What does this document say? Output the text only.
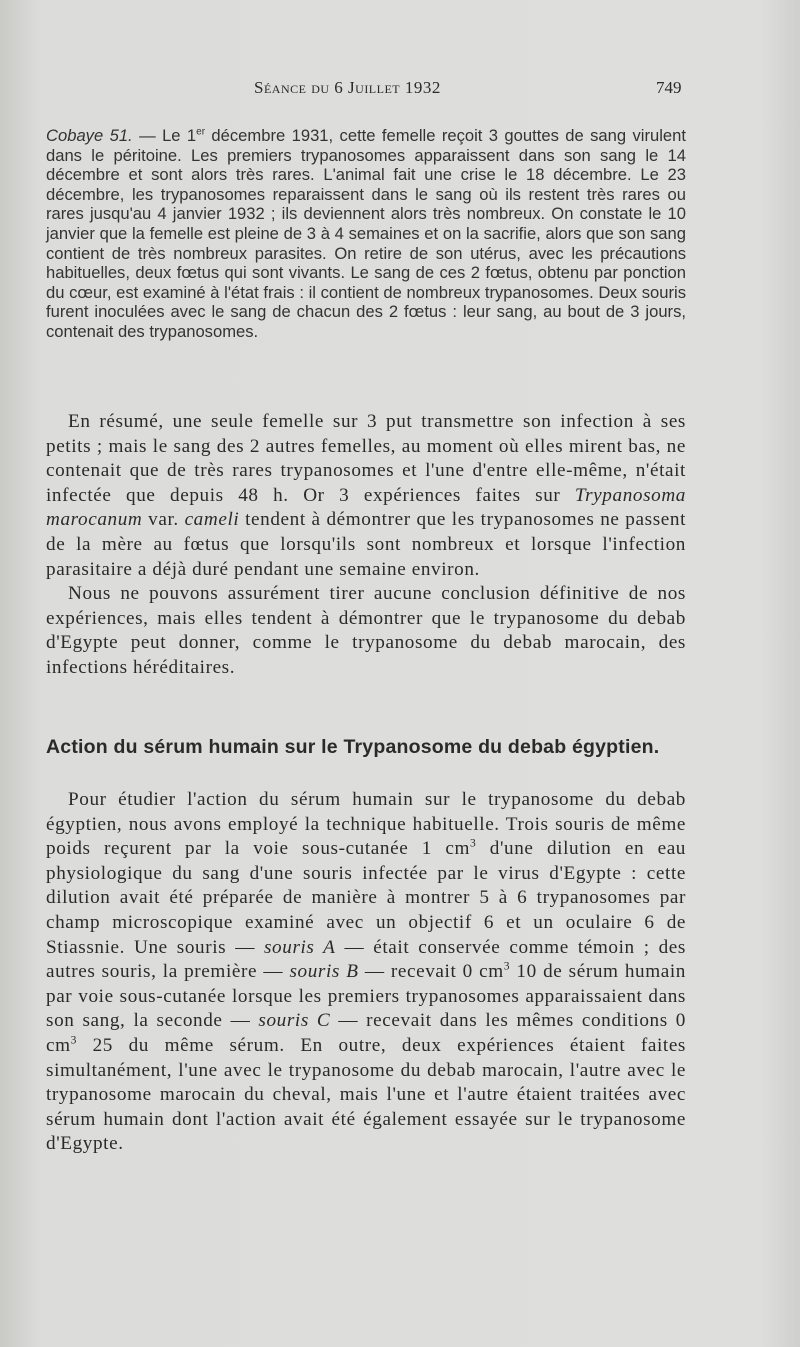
Séance du 6 Juillet 1932	749

Cobaye 51. — Le 1er décembre 1931, cette femelle reçoit 3 gouttes de sang virulent dans le péritoine. Les premiers trypanosomes apparaissent dans son sang le 14 décembre et sont alors très rares. L'animal fait une crise le 18 décembre. Le 23 décembre, les trypanosomes reparaissent dans le sang où ils restent très rares ou rares jusqu'au 4 janvier 1932 ; ils deviennent alors très nombreux. On constate le 10 janvier que la femelle est pleine de 3 à 4 semaines et on la sacrifie, alors que son sang contient de très nombreux parasites. On retire de son utérus, avec les précautions habituelles, deux fœtus qui sont vivants. Le sang de ces 2 fœtus, obtenu par ponction du cœur, est examiné à l'état frais : il contient de nombreux trypanosomes. Deux souris furent inoculées avec le sang de chacun des 2 fœtus : leur sang, au bout de 3 jours, contenait des trypanosomes.

En résumé, une seule femelle sur 3 put transmettre son infection à ses petits ; mais le sang des 2 autres femelles, au moment où elles mirent bas, ne contenait que de très rares trypanosomes et l'une d'entre elle-même, n'était infectée que depuis 48 h. Or 3 expériences faites sur Trypanosoma marocanum var. cameli tendent à démontrer que les trypanosomes ne passent de la mère au fœtus que lorsqu'ils sont nombreux et lorsque l'infection parasitaire a déjà duré pendant une semaine environ.

Nous ne pouvons assurément tirer aucune conclusion définitive de nos expériences, mais elles tendent à démontrer que le trypanosome du debab d'Egypte peut donner, comme le trypanosome du debab marocain, des infections héréditaires.

Action du sérum humain sur le Trypanosome du debab égyptien.

Pour étudier l'action du sérum humain sur le trypanosome du debab égyptien, nous avons employé la technique habituelle. Trois souris de même poids reçurent par la voie sous-cutanée 1 $cm^3$ d'une dilution en eau physiologique du sang d'une souris infectée par le virus d'Egypte : cette dilution avait été préparée de manière à montrer 5 à 6 trypanosomes par champ microscopique examiné avec un objectif 6 et un oculaire 6 de Stiassnie. Une souris — souris A — était conservée comme témoin ; des autres souris, la première — souris B — recevait 0 $cm^3$ 10 de sérum humain par voie sous-cutanée lorsque les premiers trypanosomes apparaissaient dans son sang, la seconde — souris C — recevait dans les mêmes conditions 0 $cm^3$ 25 du même sérum. En outre, deux expériences étaient faites simultanément, l'une avec le trypanosome du debab marocain, l'autre avec le trypanosome marocain du cheval, mais l'une et l'autre étaient traitées avec sérum humain dont l'action avait été également essayée sur le trypanosome d'Egypte.
